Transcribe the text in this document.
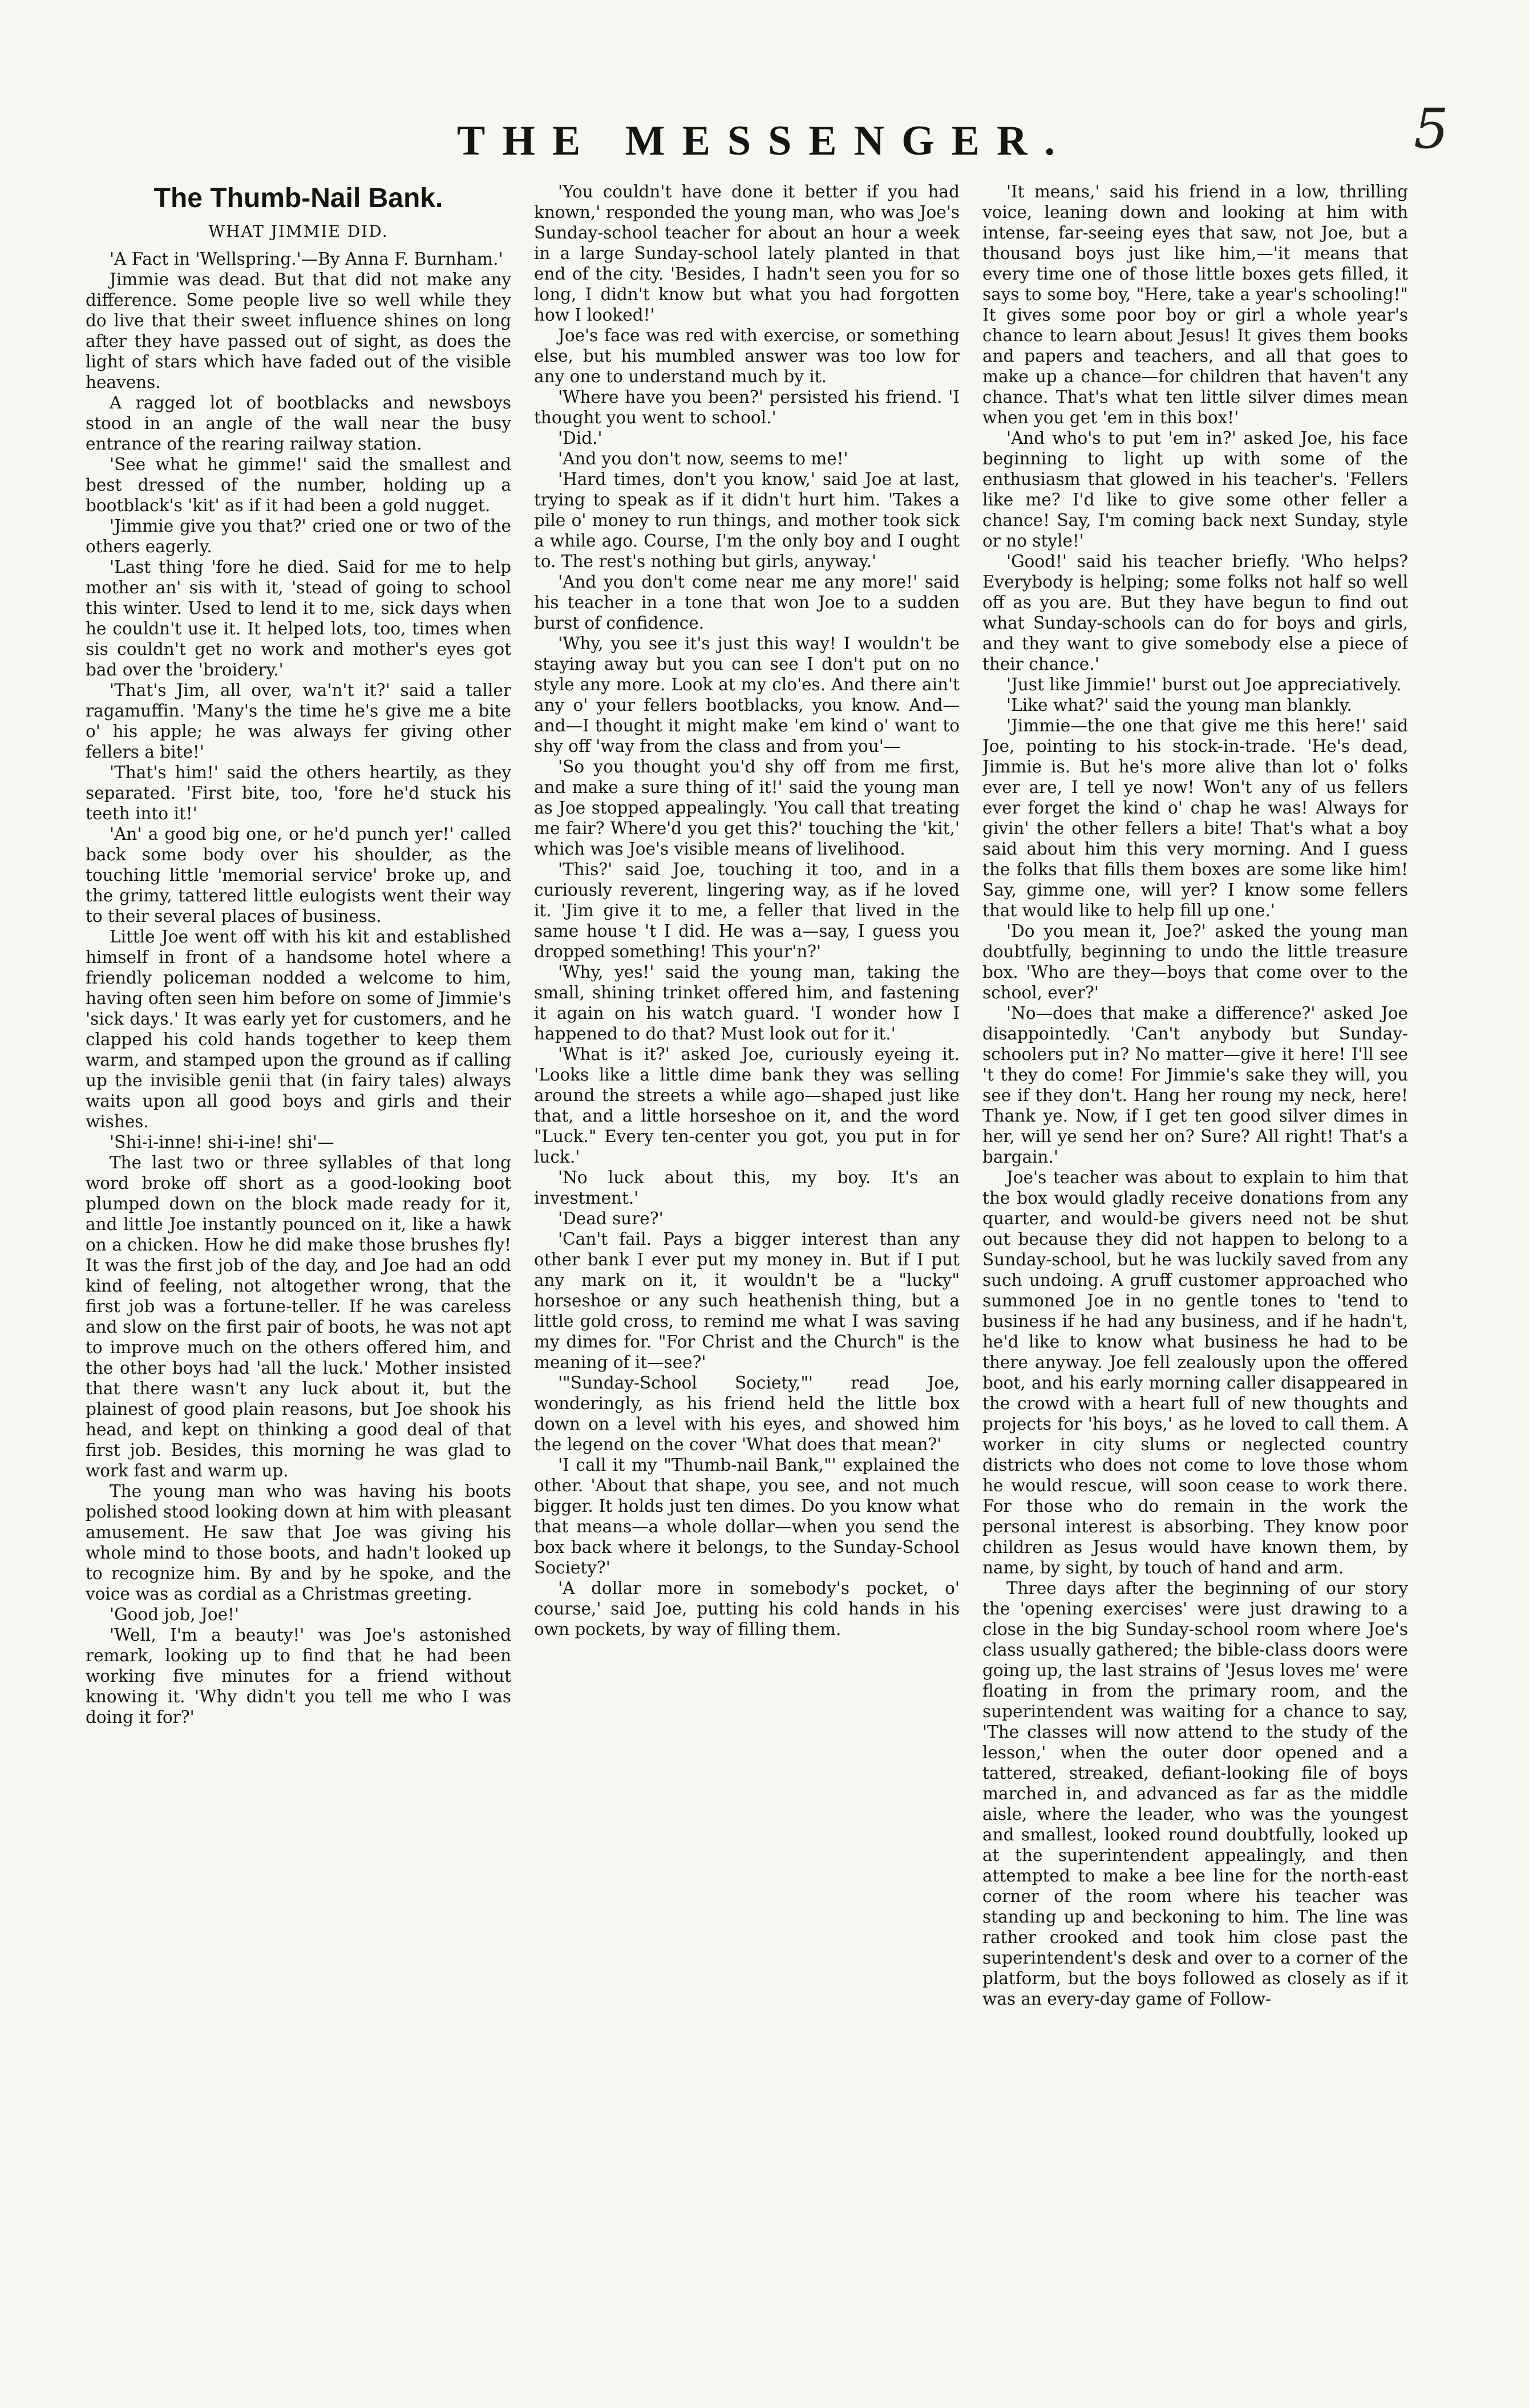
5
THE MESSENGER.
The Thumb-Nail Bank.
WHAT JIMMIE DID.

'A Fact in 'Wellspring.'—By Anna F. Burnham.'

Jimmie was dead. But that did not make any difference. Some people live so well while they do live that their sweet influence shines on long after they have passed out of sight, as does the light of stars which have faded out of the visible heavens.

A ragged lot of bootblacks and newsboys stood in an angle of the wall near the busy entrance of the rearing railway station.

'See what he gimme!' said the smallest and best dressed of the number, holding up a bootblack's 'kit' as if it had been a gold nugget.

'Jimmie give you that?' cried one or two of the others eagerly.

'Last thing 'fore he died. Said for me to help mother an' sis with it, 'stead of going to school this winter. Used to lend it to me, sick days when he couldn't use it. It helped lots, too, times when sis couldn't get no work and mother's eyes got bad over the 'broidery.'

'That's Jim, all over, wa'n't it?' said a taller ragamuffin. 'Many's the time he's give me a bite o' his apple; he was always fer giving other fellers a bite!'

'That's him!' said the others heartily, as they separated. 'First bite, too, 'fore he'd stuck his teeth into it!'

'An' a good big one, or he'd punch yer!' called back some body over his shoulder, as the touching little 'memorial service' broke up, and the grimy, tattered little eulogists went their way to their several places of business.

Little Joe went off with his kit and established himself in front of a handsome hotel where a friendly policeman nodded a welcome to him, having often seen him before on some of Jimmie's 'sick days.' It was early yet for customers, and he clapped his cold hands together to keep them warm, and stamped upon the ground as if calling up the invisible genii that (in fairy tales) always waits upon all good boys and girls and their wishes.

'Shi-i-inne! shi-i-ine! shi'—

The last two or three syllables of that long word broke off short as a good-looking boot plumped down on the block made ready for it, and little Joe instantly pounced on it, like a hawk on a chicken. How he did make those brushes fly! It was the first job of the day, and Joe had an odd kind of feeling, not altogether wrong, that the first job was a fortune-teller. If he was careless and slow on the first pair of boots, he was not apt to improve much on the others offered him, and the other boys had 'all the luck.' Mother insisted that there wasn't any luck about it, but the plainest of good plain reasons, but Joe shook his head, and kept on thinking a good deal of that first job. Besides, this morning he was glad to work fast and warm up.

The young man who was having his boots polished stood looking down at him with pleasant amusement. He saw that Joe was giving his whole mind to those boots, and hadn't looked up to recognize him. By and by he spoke, and the voice was as cordial as a Christmas greeting.

'Good job, Joe!'

'Well, I'm a beauty!' was Joe's astonished remark, looking up to find that he had been working five minutes for a friend without knowing it. 'Why didn't you tell me who I was doing it for?'

'You couldn't have done it better if you had known,' responded the young man, who was Joe's Sunday-school teacher for about an hour a week in a large Sunday-school lately planted in that end of the city. 'Besides, I hadn't seen you for so long, I didn't know but what you had forgotten how I looked!'

Joe's face was red with exercise, or something else, but his mumbled answer was too low for any one to understand much by it.

'Where have you been?' persisted his friend. 'I thought you went to school.'

'Did.'

'And you don't now, seems to me!'

'Hard times, don't you know,' said Joe at last, trying to speak as if it didn't hurt him. 'Takes a pile o' money to run things, and mother took sick a while ago. Course, I'm the only boy and I ought to. The rest's nothing but girls, anyway.'

'And you don't come near me any more!' said his teacher in a tone that won Joe to a sudden burst of confidence.

'Why, you see it's just this way! I wouldn't be staying away but you can see I don't put on no style any more. Look at my clo'es. And there ain't any o' your fellers bootblacks, you know. And—and—I thought it might make 'em kind o' want to shy off 'way from the class and from you'—

'So you thought you'd shy off from me first, and make a sure thing of it!' said the young man as Joe stopped appealingly. 'You call that treating me fair? Where'd you get this?' touching the 'kit,' which was Joe's visible means of livelihood.

'This?' said Joe, touching it too, and in a curiously reverent, lingering way, as if he loved it. 'Jim give it to me, a feller that lived in the same house 't I did. He was a—say, I guess you dropped something! This your'n?'

'Why, yes!' said the young man, taking the small, shining trinket offered him, and fastening it again on his watch guard. 'I wonder how I happened to do that? Must look out for it.'

'What is it?' asked Joe, curiously eyeing it. 'Looks like a little dime bank they was selling around the streets a while ago—shaped just like that, and a little horseshoe on it, and the word "Luck." Every ten-center you got, you put in for luck.'

'No luck about this, my boy. It's an investment.'

'Dead sure?'

'Can't fail. Pays a bigger interest than any other bank I ever put my money in. But if I put any mark on it, it wouldn't be a "lucky" horseshoe or any such heathenish thing, but a little gold cross, to remind me what I was saving my dimes for. "For Christ and the Church" is the meaning of it—see?'

'"Sunday-School Society,"' read Joe, wonderingly, as his friend held the little box down on a level with his eyes, and showed him the legend on the cover 'What does that mean?'

'I call it my "Thumb-nail Bank,"' explained the other. 'About that shape, you see, and not much bigger. It holds just ten dimes. Do you know what that means—a whole dollar—when you send the box back where it belongs, to the Sunday-School Society?'

'A dollar more in somebody's pocket, o' course,' said Joe, putting his cold hands in his own pockets, by way of filling them.

'It means,' said his friend in a low, thrilling voice, leaning down and looking at him with intense, far-seeing eyes that saw, not Joe, but a thousand boys just like him,—'it means that every time one of those little boxes gets filled, it says to some boy, "Here, take a year's schooling!" It gives some poor boy or girl a whole year's chance to learn about Jesus! It gives them books and papers and teachers, and all that goes to make up a chance—for children that haven't any chance. That's what ten little silver dimes mean when you get 'em in this box!'

'And who's to put 'em in?' asked Joe, his face beginning to light up with some of the enthusiasm that glowed in his teacher's. 'Fellers like me? I'd like to give some other feller a chance! Say, I'm coming back next Sunday, style or no style!'

'Good!' said his teacher briefly. 'Who helps? Everybody is helping; some folks not half so well off as you are. But they have begun to find out what Sunday-schools can do for boys and girls, and they want to give somebody else a piece of their chance.'

'Just like Jimmie!' burst out Joe appreciatively.

'Like what?' said the young man blankly.

'Jimmie—the one that give me this here!' said Joe, pointing to his stock-in-trade. 'He's dead, Jimmie is. But he's more alive than lot o' folks ever are, I tell ye now! Won't any of us fellers ever forget the kind o' chap he was! Always for givin' the other fellers a bite! That's what a boy said about him this very morning. And I guess the folks that fills them boxes are some like him! Say, gimme one, will yer? I know some fellers that would like to help fill up one.'

'Do you mean it, Joe?' asked the young man doubtfully, beginning to undo the little treasure box. 'Who are they—boys that come over to the school, ever?'

'No—does that make a difference?' asked Joe disappointedly. 'Can't anybody but Sunday-schoolers put in? No matter—give it here! I'll see 't they do come! For Jimmie's sake they will, you see if they don't. Hang her roung my neck, here! Thank ye. Now, if I get ten good silver dimes in her, will ye send her on? Sure? All right! That's a bargain.'

Joe's teacher was about to explain to him that the box would gladly receive donations from any quarter, and would-be givers need not be shut out because they did not happen to belong to a Sunday-school, but he was luckily saved from any such undoing. A gruff customer approached who summoned Joe in no gentle tones to 'tend to business if he had any business, and if he hadn't, he'd like to know what business he had to be there anyway. Joe fell zealously upon the offered boot, and his early morning caller disappeared in the crowd with a heart full of new thoughts and projects for 'his boys,' as he loved to call them. A worker in city slums or neglected country districts who does not come to love those whom he would rescue, will soon cease to work there. For those who do remain in the work the personal interest is absorbing. They know poor children as Jesus would have known them, by name, by sight, by touch of hand and arm.

Three days after the beginning of our story the 'opening exercises' were just drawing to a close in the big Sunday-school room where Joe's class usually gathered; the bible-class doors were going up, the last strains of 'Jesus loves me' were floating in from the primary room, and the superintendent was waiting for a chance to say, 'The classes will now attend to the study of the lesson,' when the outer door opened and a tattered, streaked, defiant-looking file of boys marched in, and advanced as far as the middle aisle, where the leader, who was the youngest and smallest, looked round doubtfully, looked up at the superintendent appealingly, and then attempted to make a bee line for the north-east corner of the room where his teacher was standing up and beckoning to him. The line was rather crooked and took him close past the superintendent's desk and over to a corner of the platform, but the boys followed as closely as if it was an every-day game of Follow-
